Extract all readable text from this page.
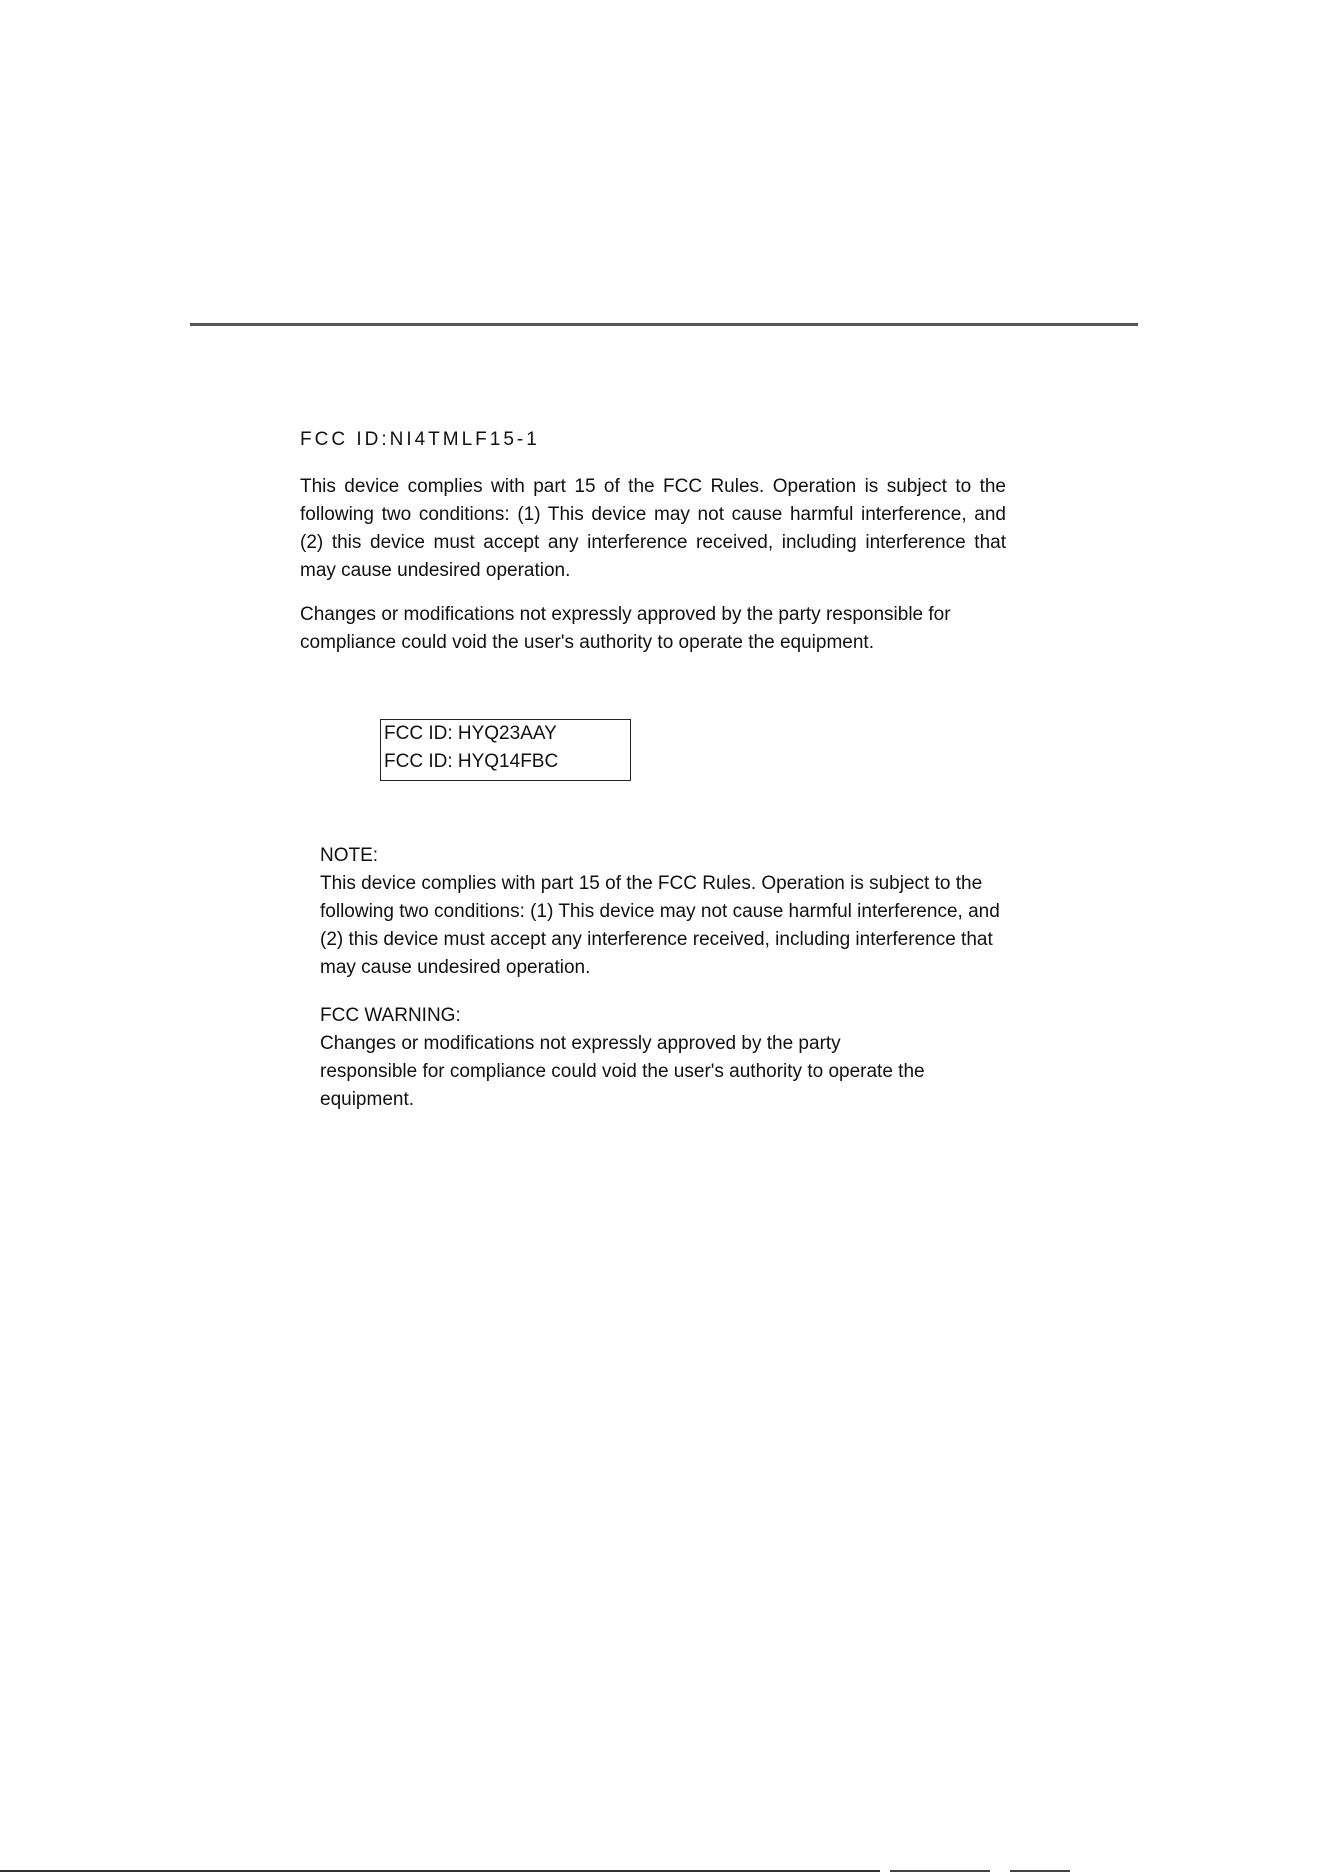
FCC ID:NI4TMLF15-1
This device complies with part 15 of the FCC Rules. Operation is subject to the following two conditions: (1) This device may not cause harmful interference, and (2) this device must accept any interference received, including interference that may cause undesired operation.
Changes or modifications not expressly approved by the party responsible for compliance could void the user's authority to operate the equipment.
FCC ID: HYQ23AAY
FCC ID: HYQ14FBC
NOTE:
This device complies with part 15 of the FCC Rules. Operation is subject to the following two conditions: (1) This device may not cause harmful interference, and (2) this device must accept any interference received, including interference that may cause undesired operation.
FCC WARNING:
Changes or modifications not expressly approved by the party
responsible for compliance could void the user's authority to operate the
equipment.
